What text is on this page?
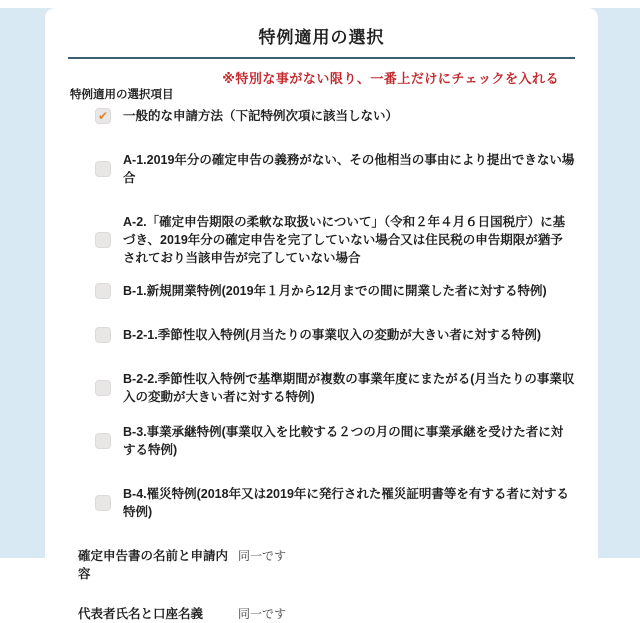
特例適用の選択
特例適用の選択項目
※特別な事がない限り、一番上だけにチェックを入れる
✔ 一般的な申請方法（下記特例次項に該当しない）
A-1.2019年分の確定申告の義務がない、その他相当の事由により提出できない場合
A-2.「確定申告期限の柔軟な取扱いについて」（令和２年４月６日国税庁）に基づき、2019年分の確定申告を完了していない場合又は住民税の申告期限が猶予されており当該申告が完了していない場合
B-1.新規開業特例(2019年１月から12月までの間に開業した者に対する特例)
B-2-1.季節性収入特例(月当たりの事業収入の変動が大きい者に対する特例)
B-2-2.季節性収入特例で基準期間が複数の事業年度にまたがる(月当たりの事業収入の変動が大きい者に対する特例)
B-3.事業承継特例(事業収入を比較する２つの月の間に事業承継を受けた者に対する特例)
B-4.罹災特例(2018年又は2019年に発行された罹災証明書等を有する者に対する特例)
確定申告書の名前と申請内容
同一です
代表者氏名と口座名義	同一です
